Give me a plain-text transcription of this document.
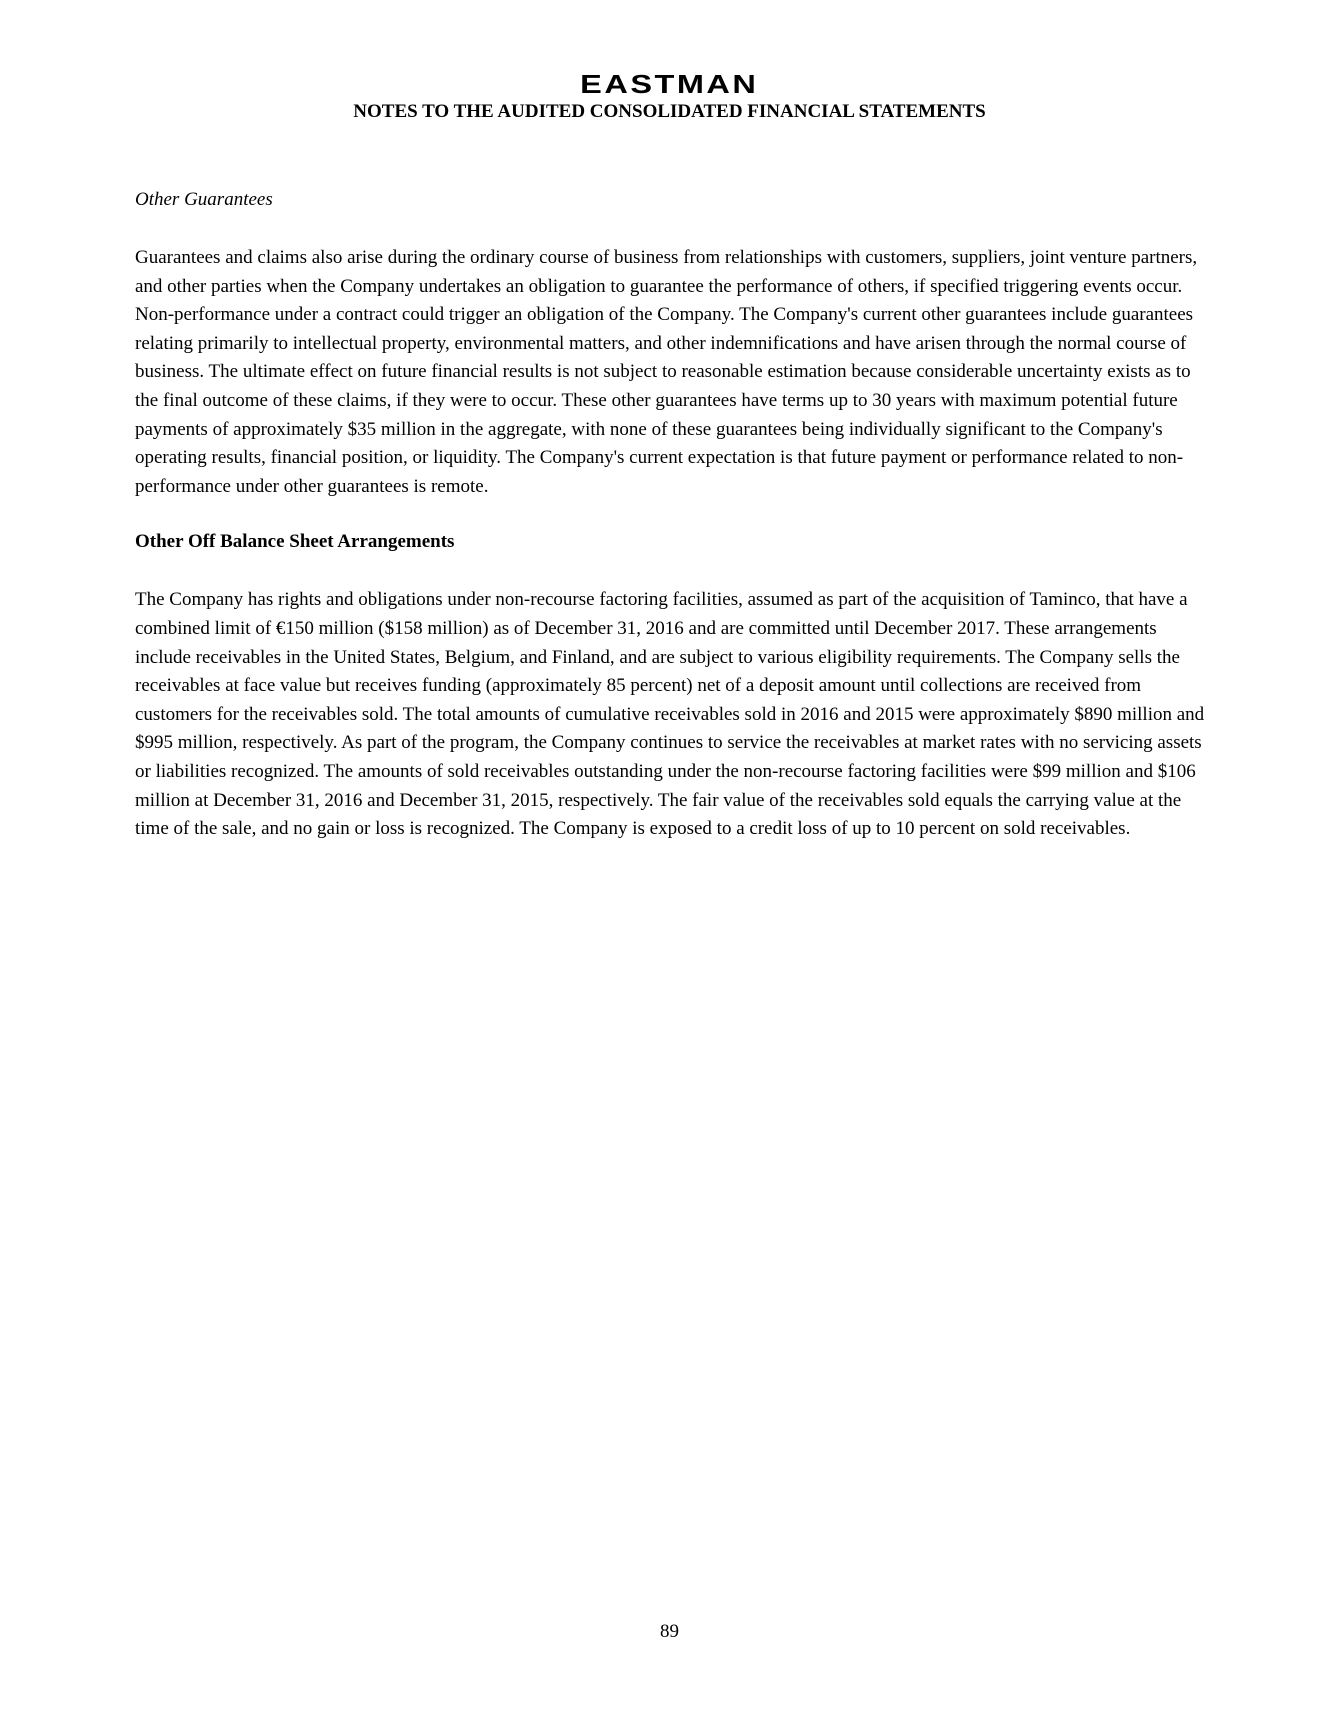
EASTMAN
NOTES TO THE AUDITED CONSOLIDATED FINANCIAL STATEMENTS
Other Guarantees

Guarantees and claims also arise during the ordinary course of business from relationships with customers, suppliers, joint venture partners, and other parties when the Company undertakes an obligation to guarantee the performance of others, if specified triggering events occur. Non-performance under a contract could trigger an obligation of the Company. The Company's current other guarantees include guarantees relating primarily to intellectual property, environmental matters, and other indemnifications and have arisen through the normal course of business. The ultimate effect on future financial results is not subject to reasonable estimation because considerable uncertainty exists as to the final outcome of these claims, if they were to occur. These other guarantees have terms up to 30 years with maximum potential future payments of approximately $35 million in the aggregate, with none of these guarantees being individually significant to the Company's operating results, financial position, or liquidity. The Company's current expectation is that future payment or performance related to non-performance under other guarantees is remote.

Other Off Balance Sheet Arrangements

The Company has rights and obligations under non-recourse factoring facilities, assumed as part of the acquisition of Taminco, that have a combined limit of €150 million ($158 million) as of December 31, 2016 and are committed until December 2017. These arrangements include receivables in the United States, Belgium, and Finland, and are subject to various eligibility requirements. The Company sells the receivables at face value but receives funding (approximately 85 percent) net of a deposit amount until collections are received from customers for the receivables sold. The total amounts of cumulative receivables sold in 2016 and 2015 were approximately $890 million and $995 million, respectively. As part of the program, the Company continues to service the receivables at market rates with no servicing assets or liabilities recognized. The amounts of sold receivables outstanding under the non-recourse factoring facilities were $99 million and $106 million at December 31, 2016 and December 31, 2015, respectively. The fair value of the receivables sold equals the carrying value at the time of the sale, and no gain or loss is recognized. The Company is exposed to a credit loss of up to 10 percent on sold receivables.

89
